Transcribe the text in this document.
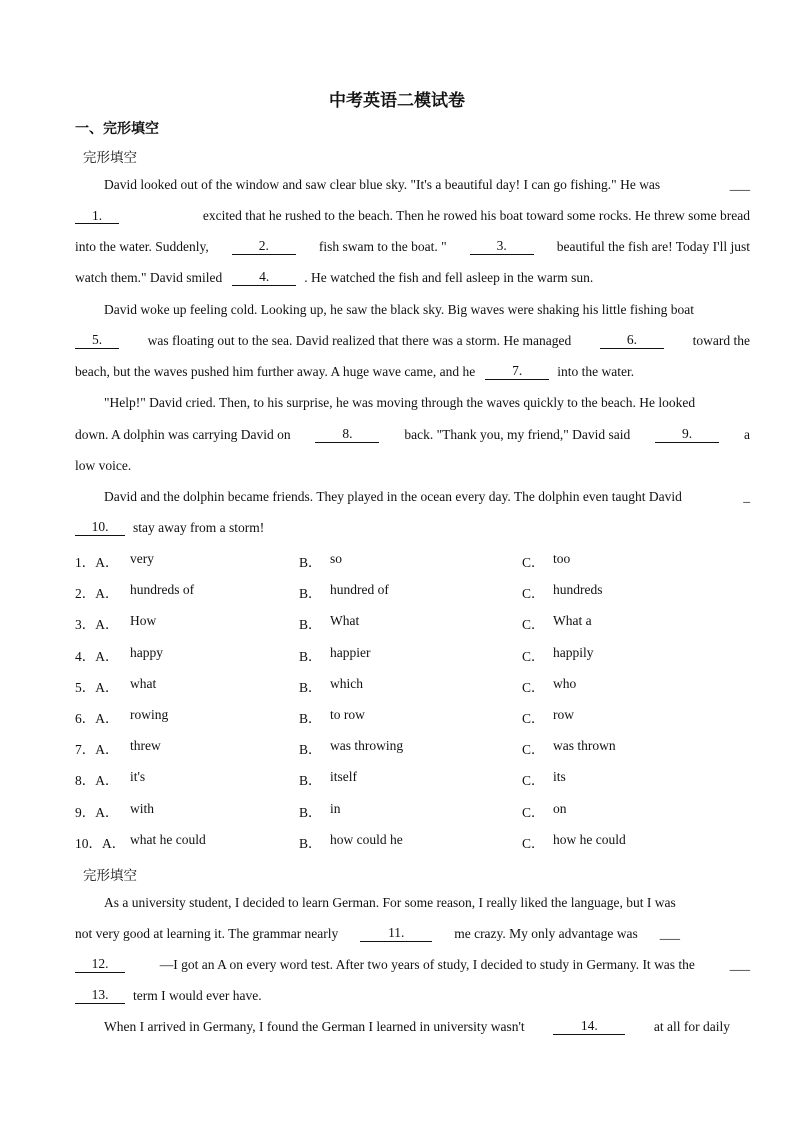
中考英语二模试卷
一、完形填空
完形填空
David looked out of the window and saw clear blue sky. "It's a beautiful day! I can go fishing." He was	___
1.	excited that he rushed to the beach. Then he rowed his boat toward some rocks. He threw some bread
into the water. Suddenly,	2.	fish swam to the boat. "	3.	beautiful the fish are! Today I'll just
watch them." David smiled	4.	. He watched the fish and fell asleep in the warm sun.
David woke up feeling cold. Looking up, he saw the black sky. Big waves were shaking his little fishing boat
5.	was floating out to the sea. David realized that there was a storm. He managed	6.	toward the
beach, but the waves pushed him further away. A huge wave came, and he	7.	into the water.
"Help!" David cried. Then, to his surprise, he was moving through the waves quickly to the beach. He looked
down. A dolphin was carrying David on	8.	back. "Thank you, my friend," David said	9.	a
low voice.
David and the dolphin became friends. They played in the ocean every day. The dolphin even taught David	_
10.	stay away from a storm!
1．A． very	B． so	C． too
2．A． hundreds of	B． hundred of	C． hundreds
3．A． How	B． What	C． What a
4．A． happy	B． happier	C． happily
5．A． what	B． which	C． who
6．A． rowing	B． to row	C． row
7．A． threw	B． was throwing	C． was thrown
8．A． it's	B． itself	C． its
9．A． with	B． in	C． on
10．A． what he could	B． how could he	C． how he could
完形填空
As a university student, I decided to learn German. For some reason, I really liked the language, but I was
not very good at learning it. The grammar nearly	11.	me crazy. My only advantage was ___
12.	—I got an A on every word test. After two years of study, I decided to study in Germany. It was the	___
13.	term I would ever have.
When I arrived in Germany, I found the German I learned in university wasn't	14.	at all for daily
